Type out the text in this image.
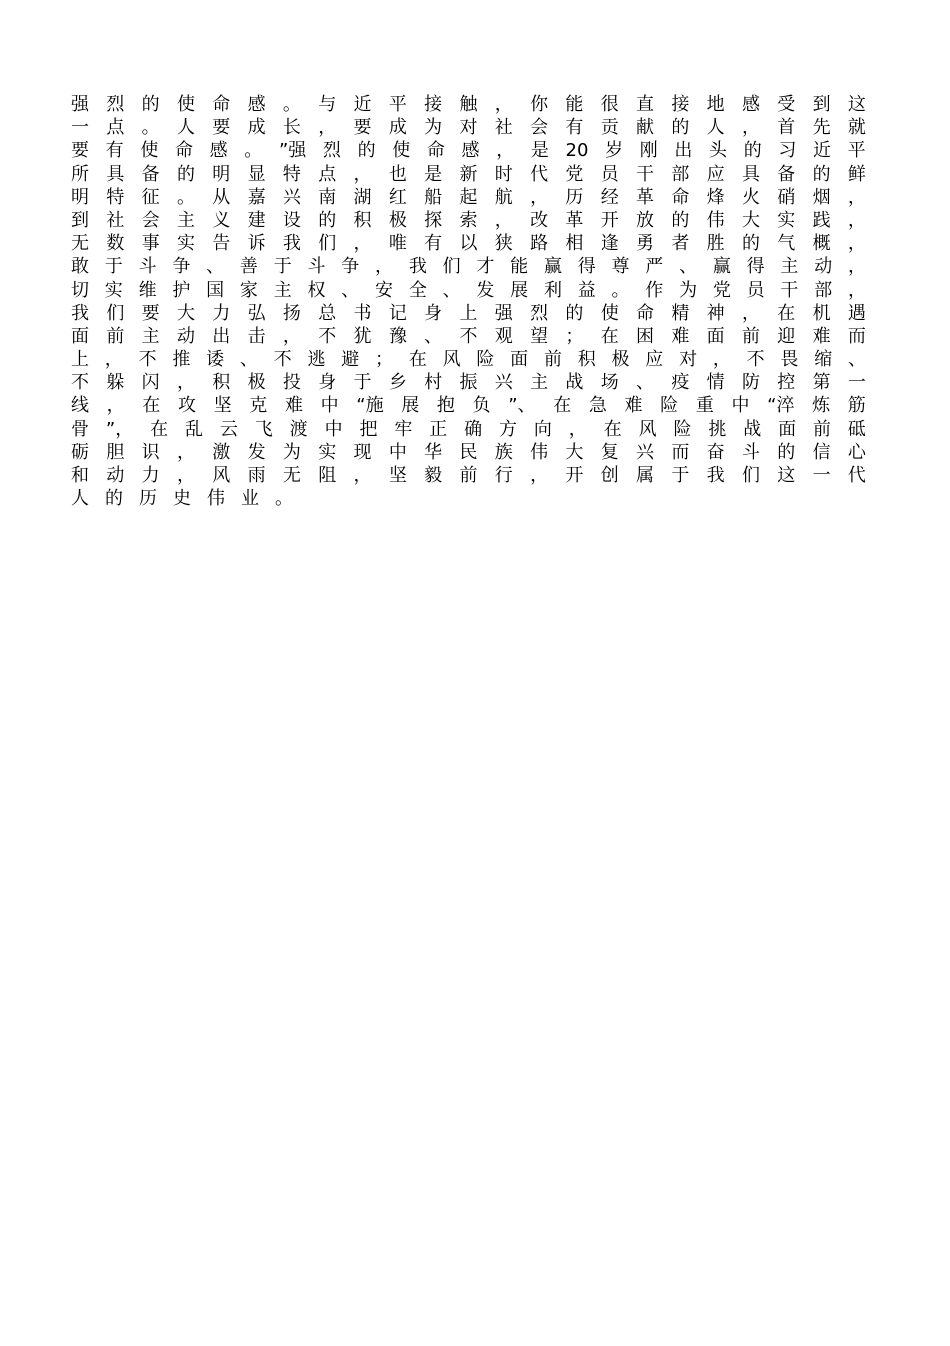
强 烈 的 使 命 感 。 与 近 平 接 触 ， 你 能 很 直 接 地 感 受 到 这
一 点 。 人 要 成 长 ， 要 成 为 对 社 会 有 贡 献 的 人 ， 首 先 就
要 有 使 命 感 。 ”强 烈 的 使 命 感 ， 是 20 岁 刚 出 头 的 习 近 平
所 具 备 的 明 显 特 点 ， 也 是 新 时 代 党 员 干 部 应 具 备 的 鲜
明 特 征 。 从 嘉 兴 南 湖 红 船 起 航 ， 历 经 革 命 烽 火 硝 烟 ，
到 社 会 主 义 建 设 的 积 极 探 索 ， 改 革 开 放 的 伟 大 实 践 ，
无 数 事 实 告 诉 我 们 ， 唯 有 以 狭 路 相 逢 勇 者 胜 的 气 概 ，
敢 于 斗 争 、 善 于 斗 争 ， 我 们 才 能 赢 得 尊 严 、 赢 得 主 动 ，
切 实 维 护 国 家 主 权 、 安 全 、 发 展 利 益 。 作 为 党 员 干 部 ，
我 们 要 大 力 弘 扬 总 书 记 身 上 强 烈 的 使 命 精 神 ， 在 机 遇
面 前 主 动 出 击 ， 不 犹 豫 、 不 观 望 ； 在 困 难 面 前 迎 难 而
上 ， 不 推 诿 、 不 逃 避 ； 在 风 险 面 前 积 极 应 对 ， 不 畏 缩 、
不 躲 闪 ， 积 极 投 身 于 乡 村 振 兴 主 战 场 、 疫 情 防 控 第 一
线 ， 在 攻 坚 克 难 中 “施 展 抱 负 ”、 在 急 难 险 重 中 “淬 炼 筋
骨 ”， 在 乱 云 飞 渡 中 把 牢 正 确 方 向 ， 在 风 险 挑 战 面 前 砥
砺 胆 识 ， 激 发 为 实 现 中 华 民 族 伟 大 复 兴 而 奋 斗 的 信 心
和 动 力 ， 风 雨 无 阻 ， 坚 毅 前 行 ， 开 创 属 于 我 们 这 一 代
人 的 历 史 伟 业 。
